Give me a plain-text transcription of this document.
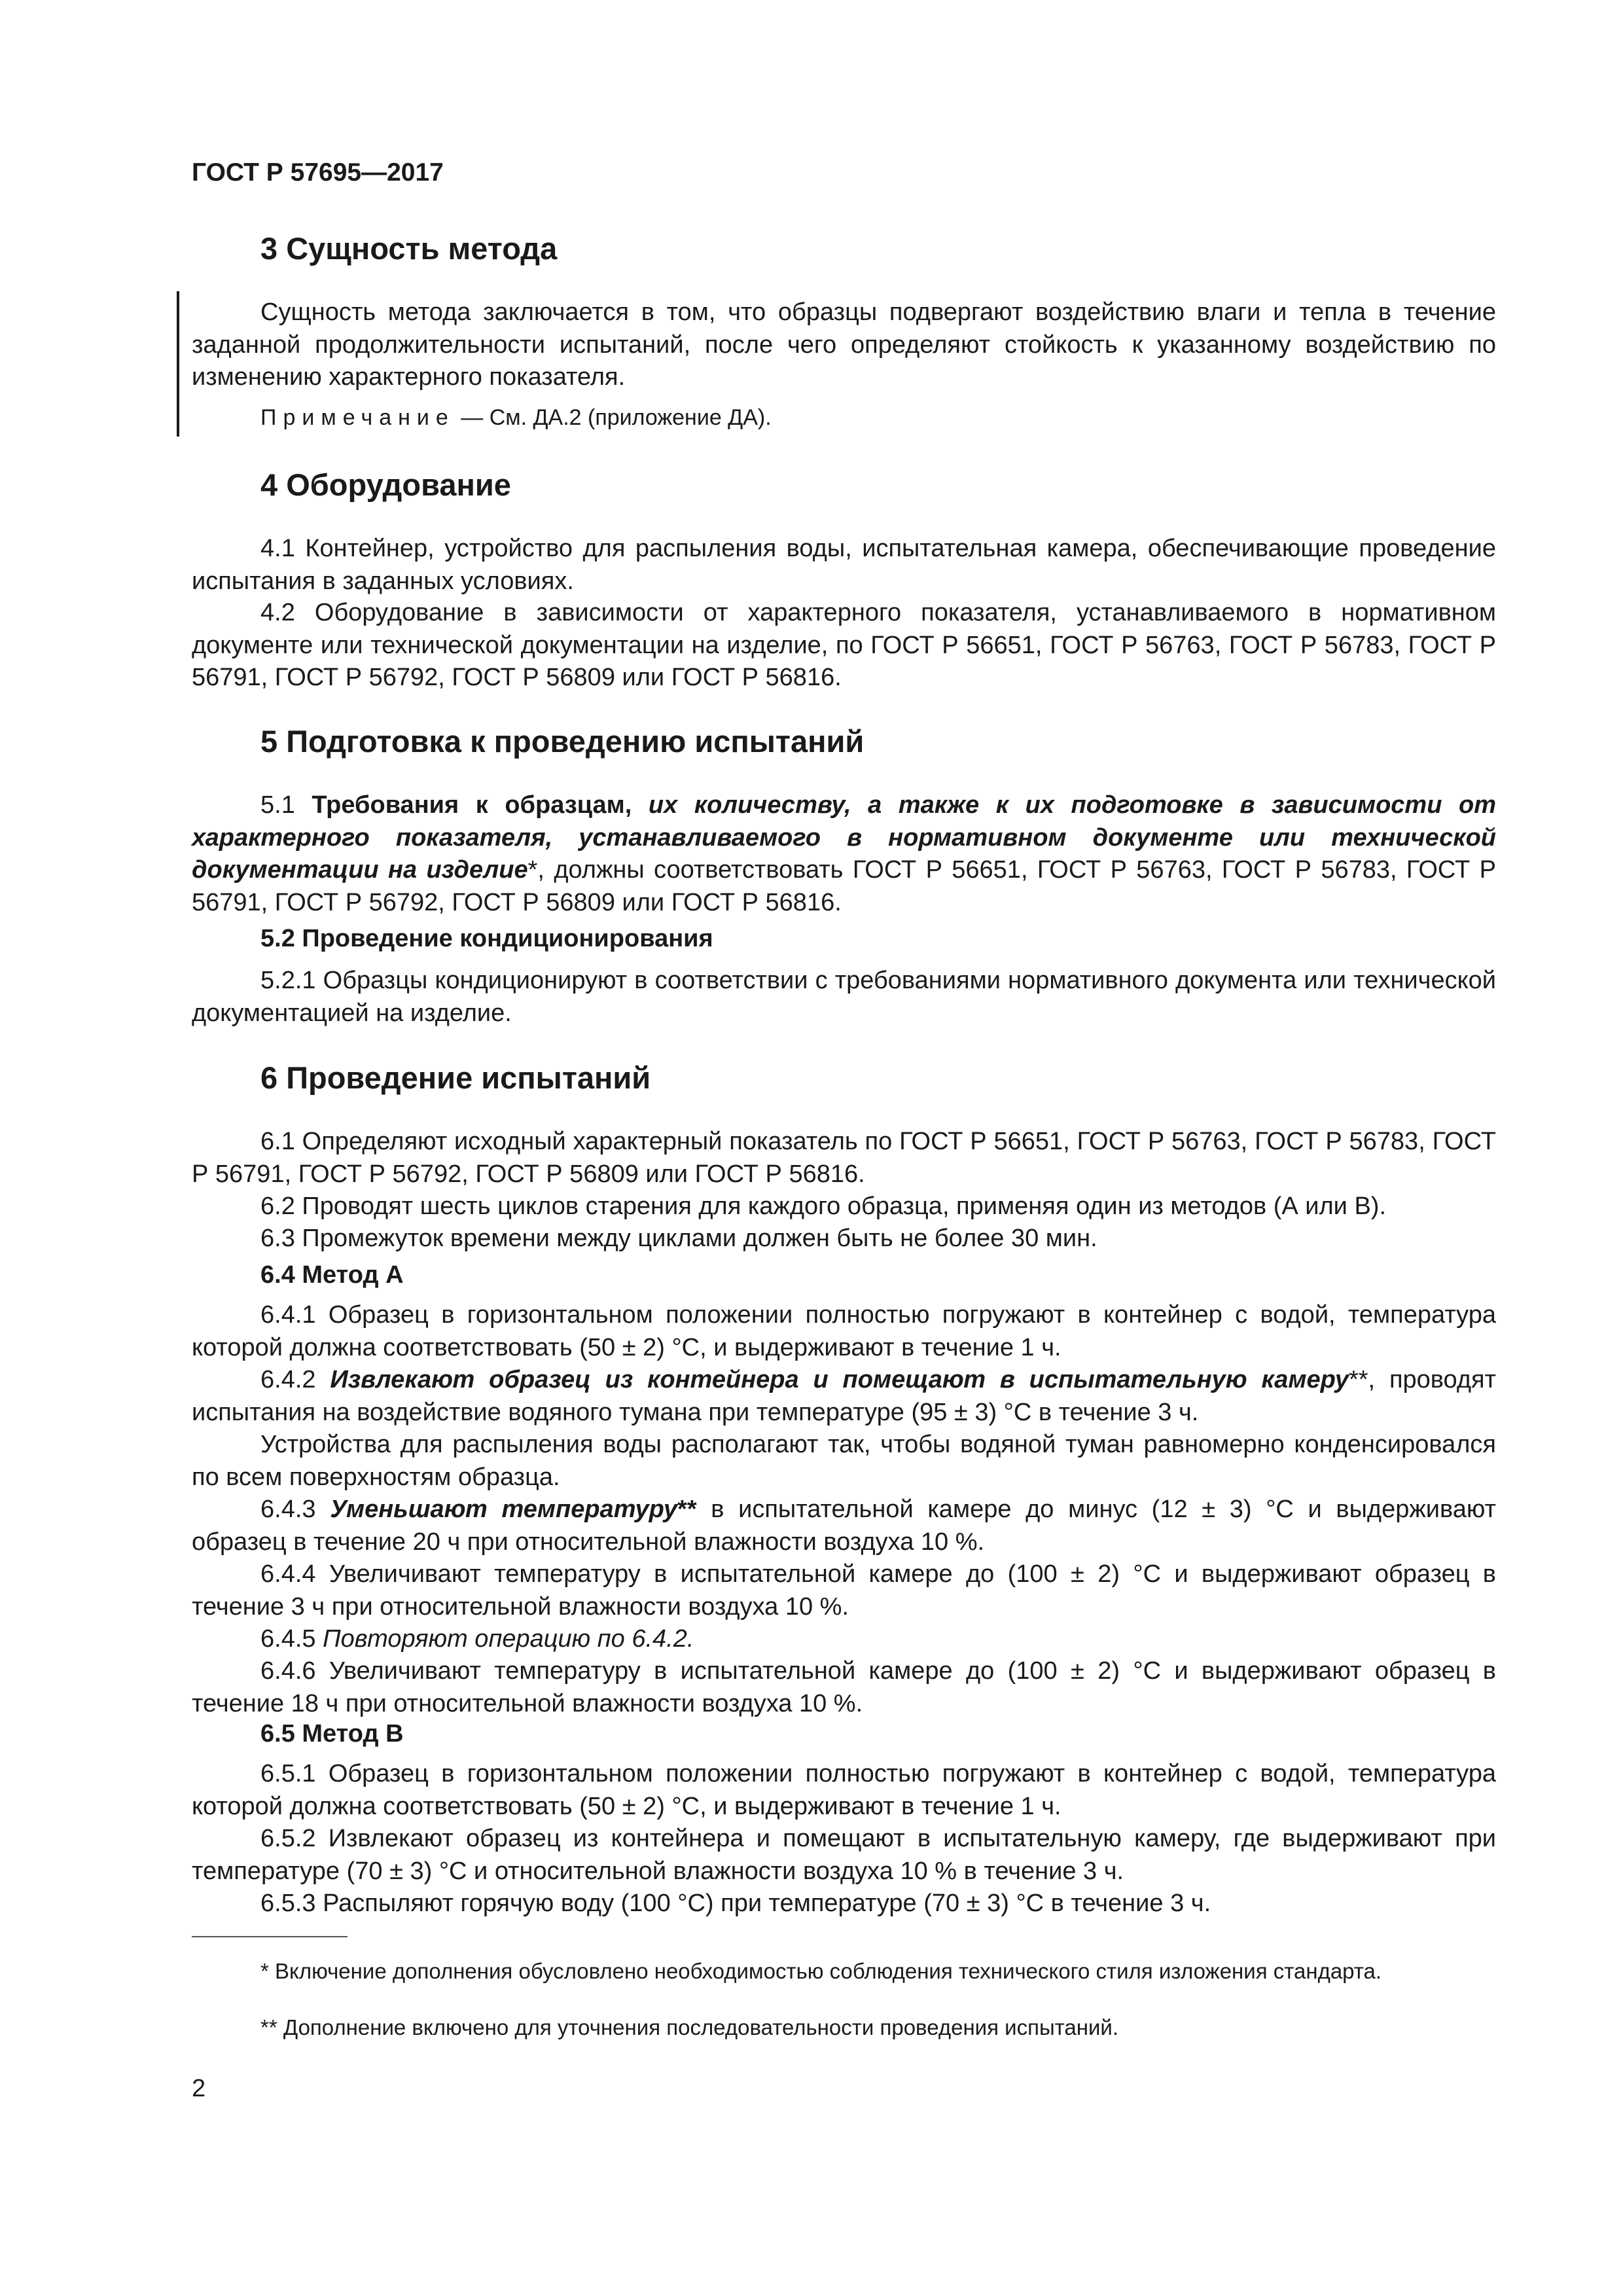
ГОСТ Р 57695—2017

3 Сущность метода

Сущность метода заключается в том, что образцы подвергают воздействию влаги и тепла в течение заданной продолжительности испытаний, после чего определяют стойкость к указанному воздействию по изменению характерного показателя.

Примечание — См. ДА.2 (приложение ДА).

4 Оборудование

4.1 Контейнер, устройство для распыления воды, испытательная камера, обеспечивающие проведение испытания в заданных условиях.

4.2 Оборудование в зависимости от характерного показателя, устанавливаемого в нормативном документе или технической документации на изделие, по ГОСТ Р 56651, ГОСТ Р 56763, ГОСТ Р 56783, ГОСТ Р 56791, ГОСТ Р 56792, ГОСТ Р 56809 или ГОСТ Р 56816.

5 Подготовка к проведению испытаний

5.1 Требования к образцам, их количеству, а также к их подготовке в зависимости от характерного показателя, устанавливаемого в нормативном документе или технической документации на изделие*, должны соответствовать ГОСТ Р 56651, ГОСТ Р 56763, ГОСТ Р 56783, ГОСТ Р 56791, ГОСТ Р 56792, ГОСТ Р 56809 или ГОСТ Р 56816.

5.2 Проведение кондиционирования

5.2.1 Образцы кондиционируют в соответствии с требованиями нормативного документа или технической документацией на изделие.

6 Проведение испытаний

6.1 Определяют исходный характерный показатель по ГОСТ Р 56651, ГОСТ Р 56763, ГОСТ Р 56783, ГОСТ Р 56791, ГОСТ Р 56792, ГОСТ Р 56809 или ГОСТ Р 56816.

6.2 Проводят шесть циклов старения для каждого образца, применяя один из методов (А или В).

6.3 Промежуток времени между циклами должен быть не более 30 мин.

6.4 Метод А

6.4.1 Образец в горизонтальном положении полностью погружают в контейнер с водой, температура которой должна соответствовать (50 ± 2) °С, и выдерживают в течение 1 ч.

6.4.2 Извлекают образец из контейнера и помещают в испытательную камеру**, проводят испытания на воздействие водяного тумана при температуре (95 ± 3) °С в течение 3 ч.

Устройства для распыления воды располагают так, чтобы водяной туман равномерно конденсировался по всем поверхностям образца.

6.4.3 Уменьшают температуру** в испытательной камере до минус (12 ± 3) °С и выдерживают образец в течение 20 ч при относительной влажности воздуха 10 %.

6.4.4 Увеличивают температуру в испытательной камере до (100 ± 2) °С и выдерживают образец в течение 3 ч при относительной влажности воздуха 10 %.

6.4.5 Повторяют операцию по 6.4.2.

6.4.6 Увеличивают температуру в испытательной камере до (100 ± 2) °С и выдерживают образец в течение 18 ч при относительной влажности воздуха 10 %.

6.5 Метод В

6.5.1 Образец в горизонтальном положении полностью погружают в контейнер с водой, температура которой должна соответствовать (50 ± 2) °С, и выдерживают в течение 1 ч.

6.5.2 Извлекают образец из контейнера и помещают в испытательную камеру, где выдерживают при температуре (70 ± 3) °С и относительной влажности воздуха 10 % в течение 3 ч.

6.5.3 Распыляют горячую воду (100 °С) при температуре (70 ± 3) °С в течение 3 ч.

* Включение дополнения обусловлено необходимостью соблюдения технического стиля изложения стандарта.

** Дополнение включено для уточнения последовательности проведения испытаний.

2
